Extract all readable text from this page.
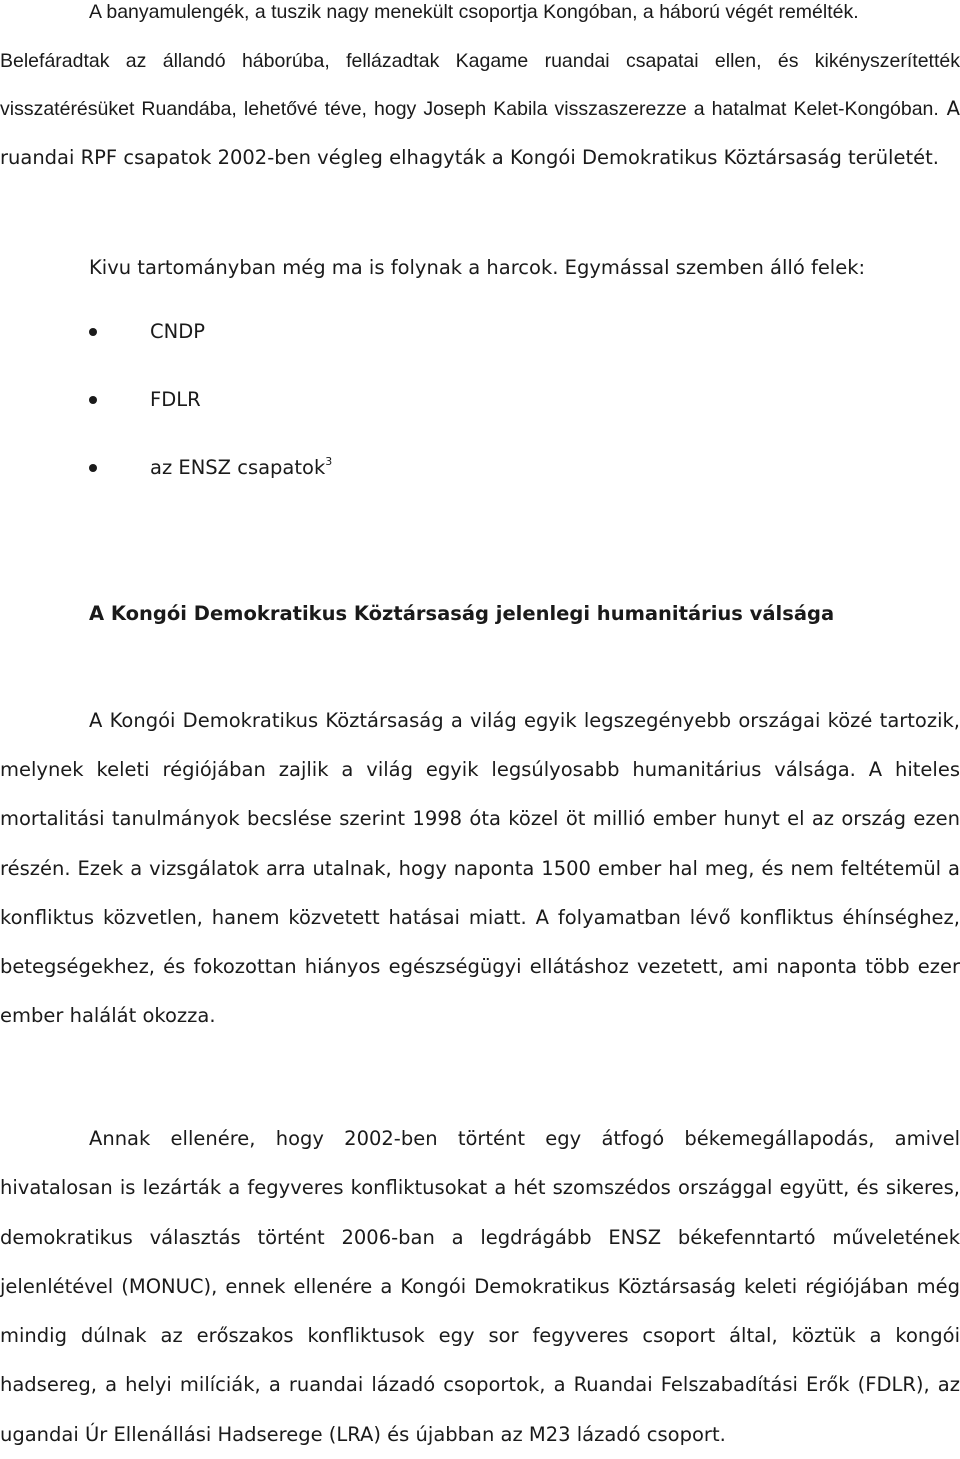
A banyamulengék, a tuszik nagy menekült csoportja Kongóban, a háború végét remélték.
Belefáradtak az állandó háborúba, fellázadtak Kagame ruandai csapatai ellen, és kikényszerítették visszatérésüket Ruandába, lehetővé téve, hogy Joseph Kabila visszaszerezze a hatalmat Kelet-Kongóban. A ruandai RPF csapatok 2002-ben végleg elhagyták a Kongói Demokratikus Köztársaság területét.

Kivu tartományban még ma is folynak a harcok. Egymással szemben álló felek:

CNDP
FDLR
az ENSZ csapatok$^3$
A Kongói Demokratikus Köztársaság jelenlegi humanitárius válsága

A Kongói Demokratikus Köztársaság a világ egyik legszegényebb országai közé tartozik, melynek keleti régiójában zajlik a világ egyik legsúlyosabb humanitárius válsága. A hiteles mortalitási tanulmányok becslése szerint 1998 óta közel öt millió ember hunyt el az ország ezen részén. Ezek a vizsgálatok arra utalnak, hogy naponta 1500 ember hal meg, és nem feltétemül a konfliktus közvetlen, hanem közvetett hatásai miatt. A folyamatban lévő konfliktus éhínséghez, betegségekhez, és fokozottan hiányos egészségügyi ellátáshoz vezetett, ami naponta több ezer ember halálát okozza.

Annak ellenére, hogy 2002-ben történt egy átfogó békemegállapodás, amivel hivatalosan is lezárták a fegyveres konfliktusokat a hét szomszédos országgal együtt, és sikeres, demokratikus választás történt 2006-ban a legdrágább ENSZ békefenntartó műveletének jelenlétével (MONUC), ennek ellenére a Kongói Demokratikus Köztársaság keleti régiójában még mindig dúlnak az erőszakos konfliktusok egy sor fegyveres csoport által, köztük a kongói hadsereg, a helyi milíciák, a ruandai lázadó csoportok, a Ruandai Felszabadítási Erők (FDLR), az ugandai Úr Ellenállási Hadserege (LRA) és újabban az M23 lázadó csoport.
